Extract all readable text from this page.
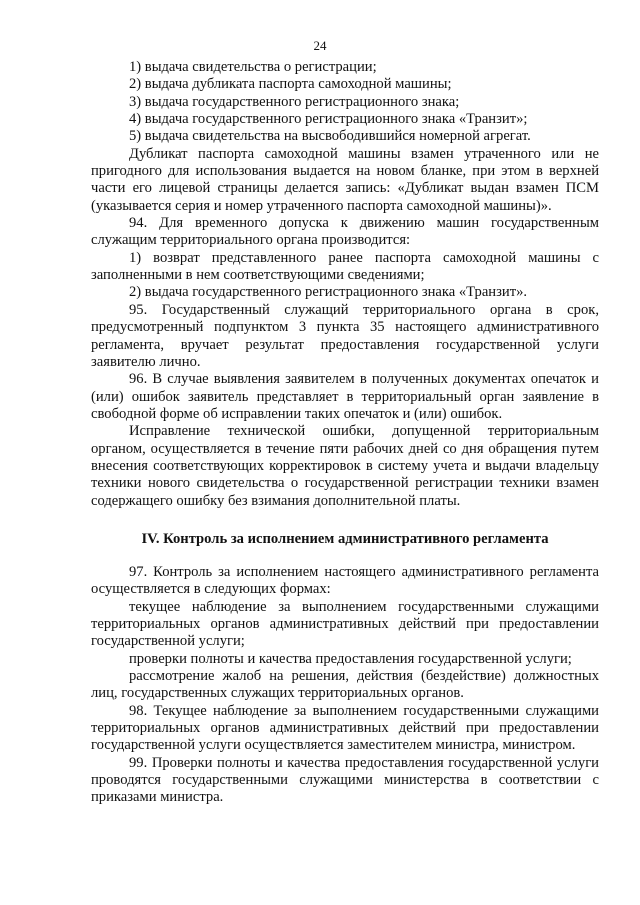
24

1) выдача свидетельства о регистрации;

2) выдача дубликата паспорта самоходной машины;

3) выдача государственного регистрационного знака;

4) выдача государственного регистрационного знака «Транзит»;

5) выдача свидетельства на высвободившийся номерной агрегат.

Дубликат паспорта самоходной машины взамен утраченного или не пригодного для использования выдается на новом бланке, при этом в верхней части его лицевой страницы делается запись: «Дубликат выдан взамен ПСМ (указывается серия и номер утраченного паспорта самоходной машины)».

94. Для временного допуска к движению машин государственным служащим территориального органа производится:

1) возврат представленного ранее паспорта самоходной машины с заполненными в нем соответствующими сведениями;

2) выдача государственного регистрационного знака «Транзит».

95. Государственный служащий территориального органа в срок, предусмотренный подпунктом 3 пункта 35 настоящего административного регламента, вручает результат предоставления государственной услуги заявителю лично.

96. В случае выявления заявителем в полученных документах опечаток и (или) ошибок заявитель представляет в территориальный орган заявление в свободной форме об исправлении таких опечаток и (или) ошибок.

Исправление технической ошибки, допущенной территориальным органом, осуществляется в течение пяти рабочих дней со дня обращения путем внесения соответствующих корректировок в систему учета и выдачи владельцу техники нового свидетельства о государственной регистрации техники взамен содержащего ошибку без взимания дополнительной платы.

IV. Контроль за исполнением административного регламента

97. Контроль за исполнением настоящего административного регламента осуществляется в следующих формах:

текущее наблюдение за выполнением государственными служащими территориальных органов административных действий при предоставлении государственной услуги;

проверки полноты и качества предоставления государственной услуги;

рассмотрение жалоб на решения, действия (бездействие) должностных лиц, государственных служащих территориальных органов.

98. Текущее наблюдение за выполнением государственными служащими территориальных органов административных действий при предоставлении государственной услуги осуществляется заместителем министра, министром.

99. Проверки полноты и качества предоставления государственной услуги проводятся государственными служащими министерства в соответствии с приказами министра.
